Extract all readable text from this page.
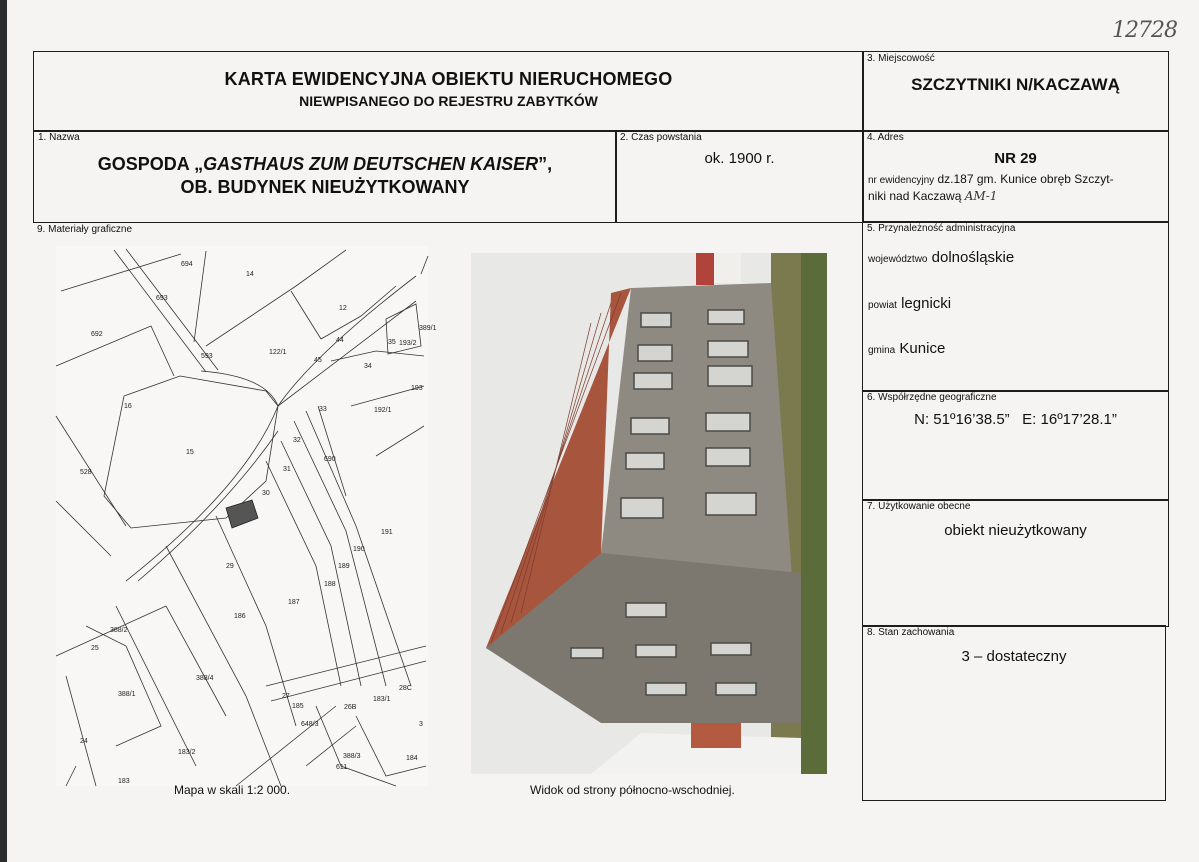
12728
KARTA EWIDENCYJNA OBIEKTU NIERUCHOMEGO
NIEWPISANEGO DO REJESTRU ZABYTKÓW
3. Miejscowość
SZCZYTNIKI N/KACZAWĄ
1. Nazwa
GOSPODA „GASTHAUS ZUM DEUTSCHEN KAISER”,
OB. BUDYNEK NIEUŻYTKOWANY
2. Czas powstania
ok. 1900 r.
4. Adres
NR 29
nr ewidencyjny dz.187 gm. Kunice obręb Szczyt-
niki nad Kaczawą AM-1
9. Materiały graficzne	5. Przynależność administracyjna
województwo dolnośląskie
powiat legnicki
gmina Kunice
6. Współrzędne geograficzne
N: 51º16’38.5”   E: 16º17’28.1”
7. Użytkowanie obecne
obiekt nieużytkowany
8. Stan zachowania
3 – dostateczny
694
14
693
692
12
593
122/1
44
45
35 193/2
16
34
193
33	192/1
15
32
690
528	31
30
191
190
189
29
188
187
186
388/2
25
388/4
28C
183/1
388/1	27
185	26B
648/3
24
183/2
388/3
611
184
183
389/1
3
Mapa w skali 1:2 000.	Widok od strony północno-wschodniej.
